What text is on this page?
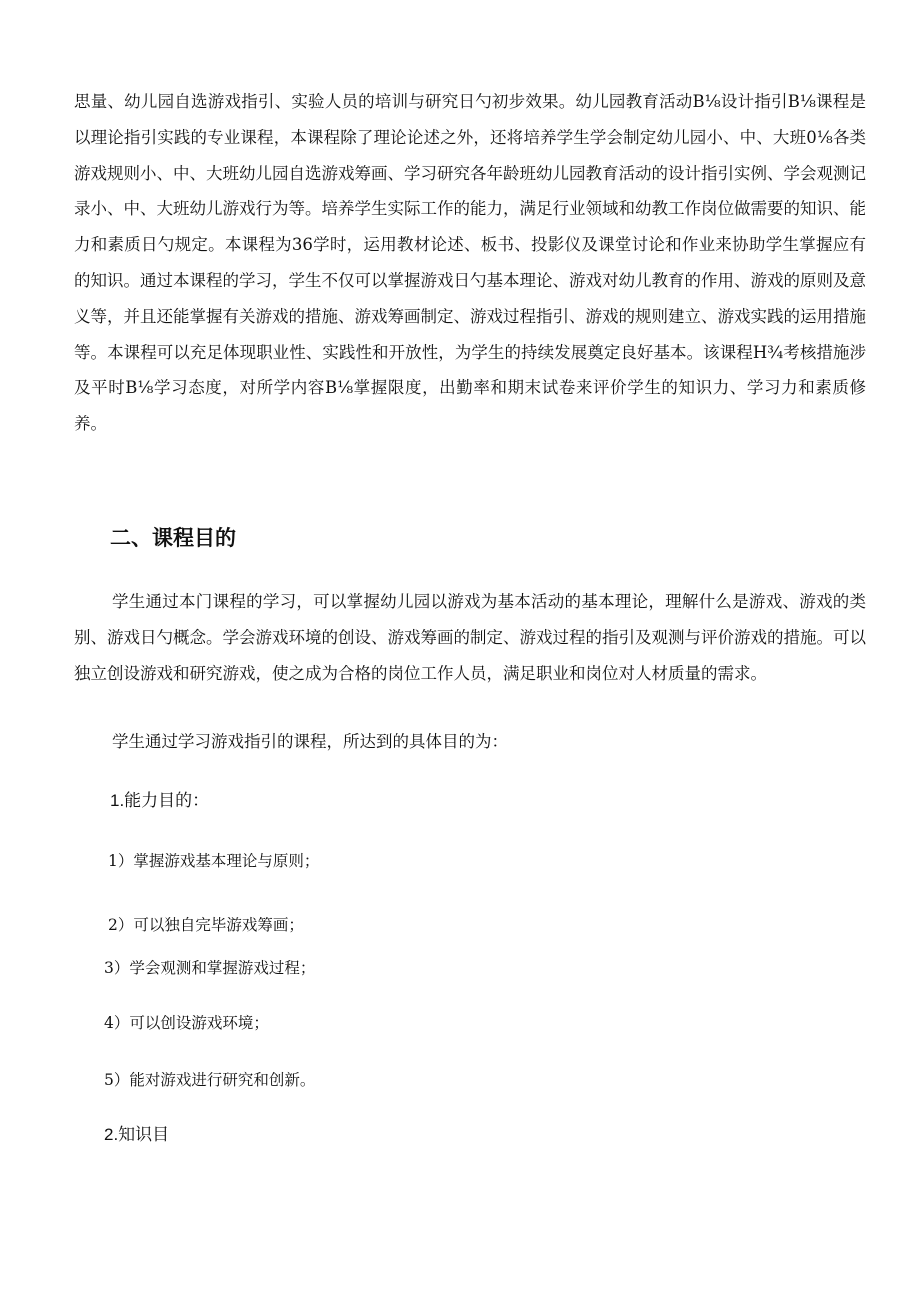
思量、幼儿园自选游戏指引、实验人员的培训与研究日勺初步效果。幼儿园教育活动B⅛设计指引B⅛课程是以理论指引实践的专业课程，本课程除了理论论述之外，还将培养学生学会制定幼儿园小、中、大班0⅛各类游戏规则小、中、大班幼儿园自选游戏筹画、学习研究各年龄班幼儿园教育活动的设计指引实例、学会观测记录小、中、大班幼儿游戏行为等。培养学生实际工作的能力，满足行业领域和幼教工作岗位做需要的知识、能力和素质日勺规定。本课程为36学时，运用教材论述、板书、投影仪及课堂讨论和作业来协助学生掌握应有的知识。通过本课程的学习，学生不仅可以掌握游戏日勺基本理论、游戏对幼儿教育的作用、游戏的原则及意义等，并且还能掌握有关游戏的措施、游戏筹画制定、游戏过程指引、游戏的规则建立、游戏实践的运用措施等。本课程可以充足体现职业性、实践性和开放性，为学生的持续发展奠定良好基本。该课程H¾考核措施涉及平时B⅛学习态度，对所学内容B⅛掌握限度，出勤率和期末试卷来评价学生的知识力、学习力和素质修养。

二、课程目的

学生通过本门课程的学习，可以掌握幼儿园以游戏为基本活动的基本理论，理解什么是游戏、游戏的类别、游戏日勺概念。学会游戏环境的创设、游戏筹画的制定、游戏过程的指引及观测与评价游戏的措施。可以独立创设游戏和研究游戏，使之成为合格的岗位工作人员，满足职业和岗位对人材质量的需求。

学生通过学习游戏指引的课程，所达到的具体目的为：

1.能力目的：

1）掌握游戏基本理论与原则；

2）可以独自完毕游戏筹画；

3）学会观测和掌握游戏过程；

4）可以创设游戏环境；

5）能对游戏进行研究和创新。

2.知识目
